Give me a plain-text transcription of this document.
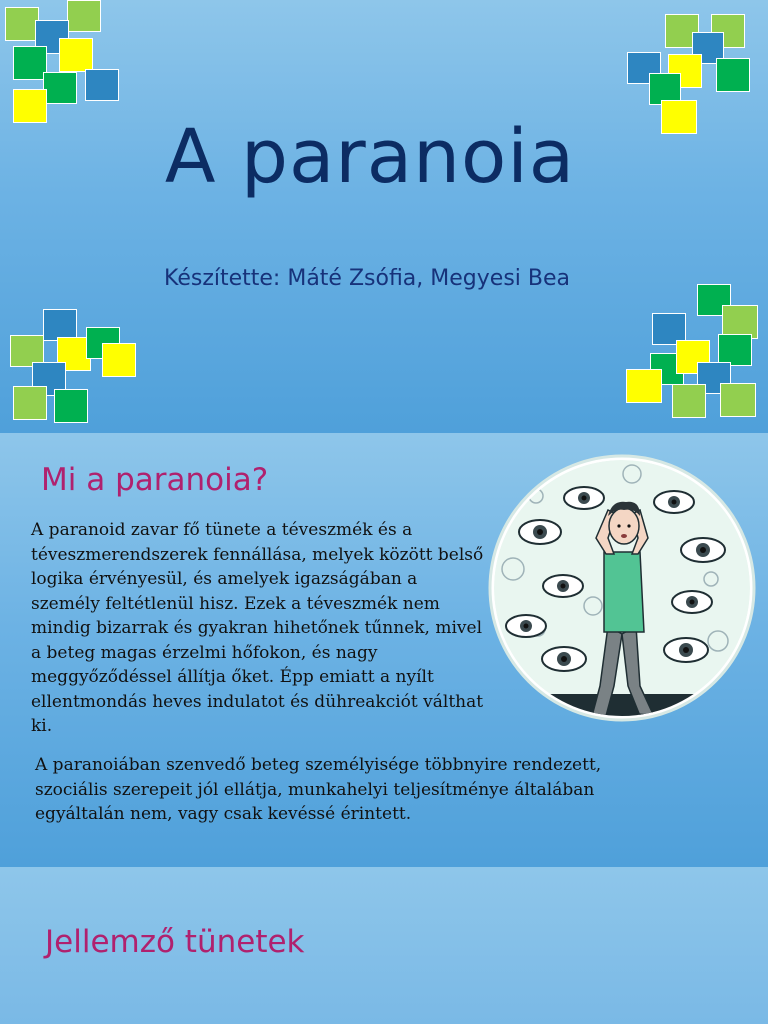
A paranoia
Készítette: Máté Zsófia, Megyesi Bea
Mi a paranoia?

A paranoid zavar fő tünete a téveszmék és a téveszmerendszerek fennállása, melyek között belső logika érvényesül, és amelyek igazságában a személy feltétlenül hisz. Ezek a téveszmék nem mindig bizarrak és gyakran hihetőnek tűnnek, mivel a beteg magas érzelmi hőfokon, és nagy meggyőződéssel állítja őket. Épp emiatt a nyílt ellentmondás heves indulatot és dühreakciót válthat ki.

A paranoiában szenvedő beteg személyisége többnyire rendezett, szociális szerepeit jól ellátja, munkahelyi teljesítménye általában egyáltalán nem, vagy csak kevéssé érintett.

Jellemző tünetek
